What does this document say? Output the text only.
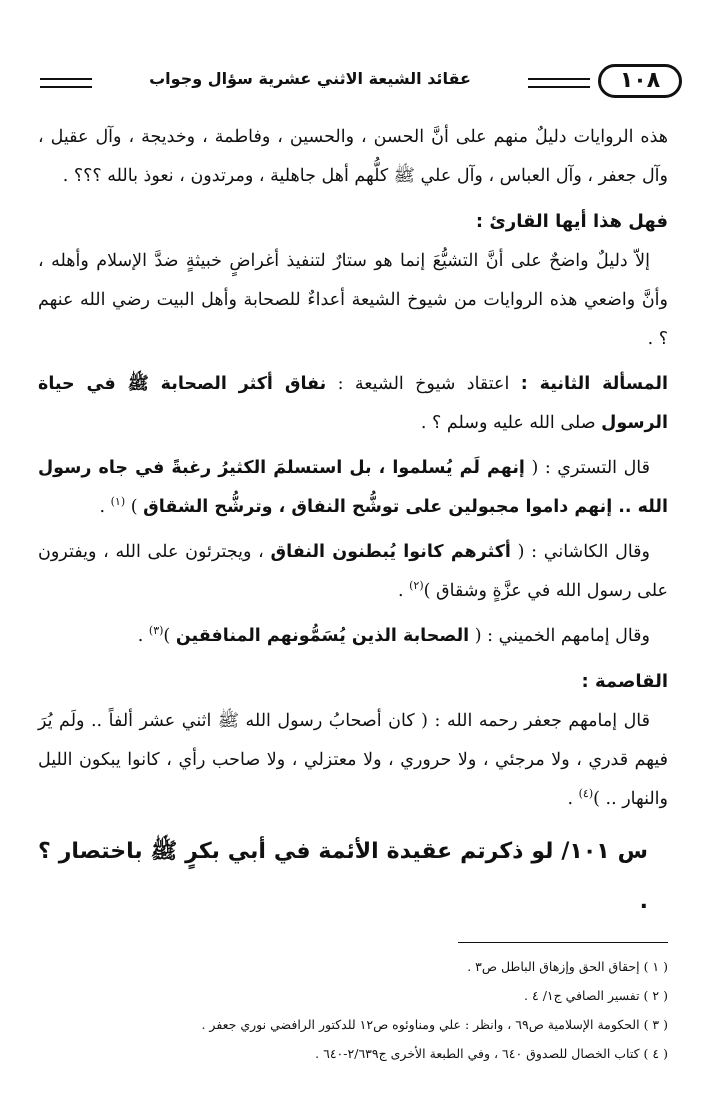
١٠٨
عقائد الشيعة الاثني عشرية سؤال وجواب

هذه الروايات دليلٌ منهم على أنَّ الحسن ، والحسين ، وفاطمة ، وخديجة ، وآل عقيل ، وآل جعفر ، وآل العباس ، وآل علي ﷺ كلُّهم أهل جاهلية ، ومرتدون ، نعوذ بالله ؟؟؟ .

فهل هذا أيها القارئ :

إلاّ دليلٌ واضحٌ على أنَّ التشيُّعَ إنما هو ستارٌ لتنفيذ أغراضٍ خبيثةٍ ضدَّ الإسلام وأهله ، وأنَّ واضعي هذه الروايات من شيوخ الشيعة أعداءٌ للصحابة وأهل البيت رضي الله عنهم ؟ .

المسألة الثانية : اعتقاد شيوخ الشيعة : نفاق أكثر الصحابة ﷺ في حياة الرسول صلى الله عليه وسلم ؟ .

قال التستري : ( إنهم لَم يُسلموا ، بل استسلمَ الكثيرُ رغبةً في جاه رسول الله .. إنهم داموا مجبولين على توشُّح النفاق ، وترشُّح الشقاق ) $^{(١)}$ .

وقال الكاشاني : ( أكثرهم كانوا يُبطنون النفاق ، ويجترئون على الله ، ويفترون على رسول الله في عزَّةٍ وشقاق )$^{(٢)}$ .

وقال إمامهم الخميني : ( الصحابة الذين يُسَمُّونهم المنافقين )$^{(٣)}$ .

القاصمة :

قال إمامهم جعفر رحمه الله : ( كان أصحابُ رسول الله ﷺ اثني عشر ألفاً .. ولَم يُرَ فيهم قدري ، ولا مرجئي ، ولا حروري ، ولا معتزلي ، ولا صاحب رأي ، كانوا يبكون الليل والنهار .. )$^{(٤)}$ .

س ١٠١/ لو ذكرتم عقيدة الأئمة في أبي بكرٍ ﷺ باختصار ؟ .

( ١ ) إحقاق الحق وإزهاق الباطل ص٣ .

( ٢ ) تفسير الصافي ج١/ ٤ .

( ٣ ) الحكومة الإسلامية ص٦٩ ، وانظر : علي ومناوئوه ص١٢ للدكتور الرافضي نوري جعفر .

( ٤ ) كتاب الخصال للصدوق ٦٤٠ ، وفي الطبعة الأخرى ج٢/٦٣٩-٦٤٠ .
